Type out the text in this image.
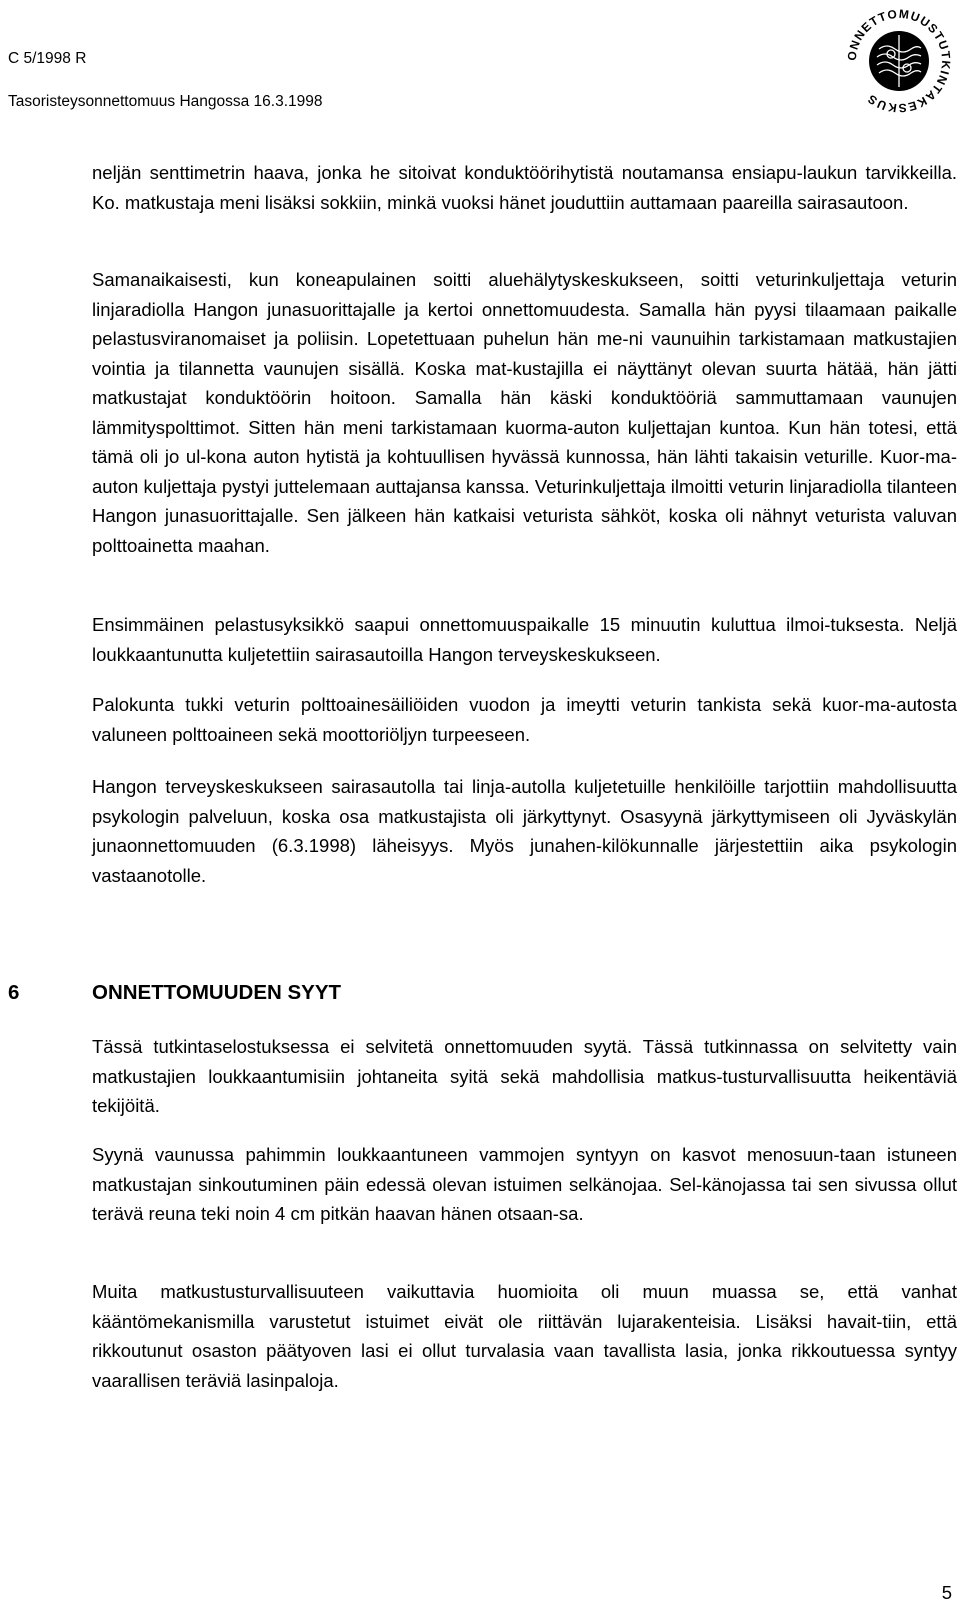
C 5/1998 R
Tasoristeysonnettomuus Hangossa 16.3.1998
ONNETTOMUUSTUTKINTAKESKUS

neljän senttimetrin haava, jonka he sitoivat konduktöörihytistä noutamansa ensiapu-laukun tarvikkeilla. Ko. matkustaja meni lisäksi sokkiin, minkä vuoksi hänet jouduttiin auttamaan paareilla sairasautoon.

Samanaikaisesti, kun koneapulainen soitti aluehälytyskeskukseen, soitti veturinkuljettaja veturin linjaradiolla Hangon junasuorittajalle ja kertoi onnettomuudesta. Samalla hän pyysi tilaamaan paikalle pelastusviranomaiset ja poliisin. Lopetettuaan puhelun hän me-ni vaunuihin tarkistamaan matkustajien vointia ja tilannetta vaunujen sisällä. Koska mat-kustajilla ei näyttänyt olevan suurta hätää, hän jätti matkustajat konduktöörin hoitoon. Samalla hän käski konduktööriä sammuttamaan vaunujen lämmityspolttimot. Sitten hän meni tarkistamaan kuorma-auton kuljettajan kuntoa. Kun hän totesi, että tämä oli jo ul-kona auton hytistä ja kohtuullisen hyvässä kunnossa, hän lähti takaisin veturille. Kuor-ma-auton kuljettaja pystyi juttelemaan auttajansa kanssa. Veturinkuljettaja ilmoitti veturin linjaradiolla tilanteen Hangon junasuorittajalle. Sen jälkeen hän katkaisi veturista sähköt, koska oli nähnyt veturista valuvan polttoainetta maahan.

Ensimmäinen pelastusyksikkö saapui onnettomuuspaikalle 15 minuutin kuluttua ilmoi-tuksesta. Neljä loukkaantunutta kuljetettiin sairasautoilla Hangon terveyskeskukseen.

Palokunta tukki veturin polttoainesäiliöiden vuodon ja imeytti veturin tankista sekä kuor-ma-autosta valuneen polttoaineen sekä moottoriöljyn turpeeseen.

Hangon terveyskeskukseen sairasautolla tai linja-autolla kuljetetuille henkilöille tarjottiin mahdollisuutta psykologin palveluun, koska osa matkustajista oli järkyttynyt. Osasyynä järkyttymiseen oli Jyväskylän junaonnettomuuden (6.3.1998) läheisyys. Myös junahen-kilökunnalle järjestettiin aika psykologin vastaanotolle.

6	ONNETTOMUUDEN SYYT

Tässä tutkintaselostuksessa ei selvitetä onnettomuuden syytä. Tässä tutkinnassa on selvitetty vain matkustajien loukkaantumisiin johtaneita syitä sekä mahdollisia matkus-tusturvallisuutta heikentäviä tekijöitä.

Syynä vaunussa pahimmin loukkaantuneen vammojen syntyyn on kasvot menosuun-taan istuneen matkustajan sinkoutuminen päin edessä olevan istuimen selkänojaa. Sel-känojassa tai sen sivussa ollut terävä reuna teki noin 4 cm pitkän haavan hänen otsaan-sa.

Muita matkustusturvallisuuteen vaikuttavia huomioita oli muun muassa se, että vanhat kääntömekanismilla varustetut istuimet eivät ole riittävän lujarakenteisia. Lisäksi havait-tiin, että rikkoutunut osaston päätyoven lasi ei ollut turvalasia vaan tavallista lasia, jonka rikkoutuessa syntyy vaarallisen teräviä lasinpaloja.

5
